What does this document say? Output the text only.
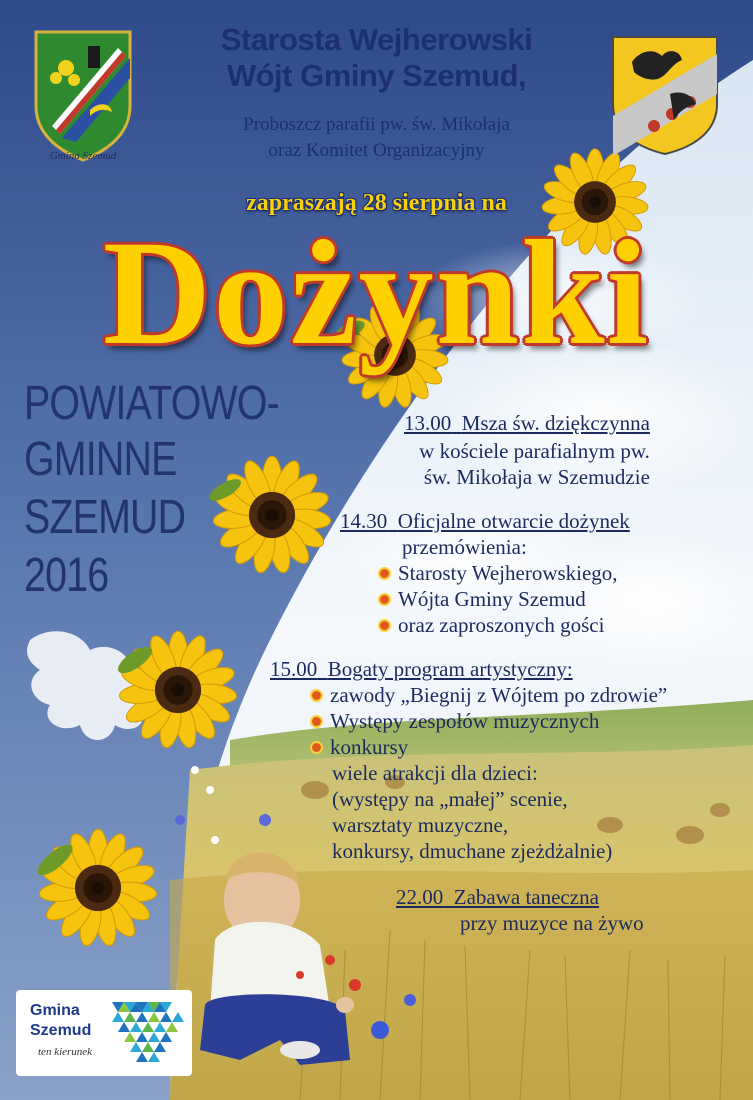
Gmina Szemud
Starosta Wejherowski
Wójt Gminy Szemud,
Proboszcz parafii pw. św. Mikołaja
oraz Komitet Organizacyjny
zapraszają 28 sierpnia na
Dożynki
POWIATOWO-
GMINNE
SZEMUD
2016
13.00 Msza św. dziękczynna
w kościele parafialnym pw.
św. Mikołaja w Szemudzie
14.30 Oficjalne otwarcie dożynek
przemówienia:
Starosty Wejherowskiego,
Wójta Gminy Szemud
oraz zaproszonych gości
15.00 Bogaty program artystyczny:
zawody „Biegnij z Wójtem po zdrowie”
Występy zespołów muzycznych
konkursy
wiele atrakcji dla dzieci:
(występy na „małej” scenie,
warsztaty muzyczne,
konkursy, dmuchane zjeżdżalnie)
22.00 Zabawa taneczna
przy muzyce na żywo
Gmina
Szemud
ten kierunek
